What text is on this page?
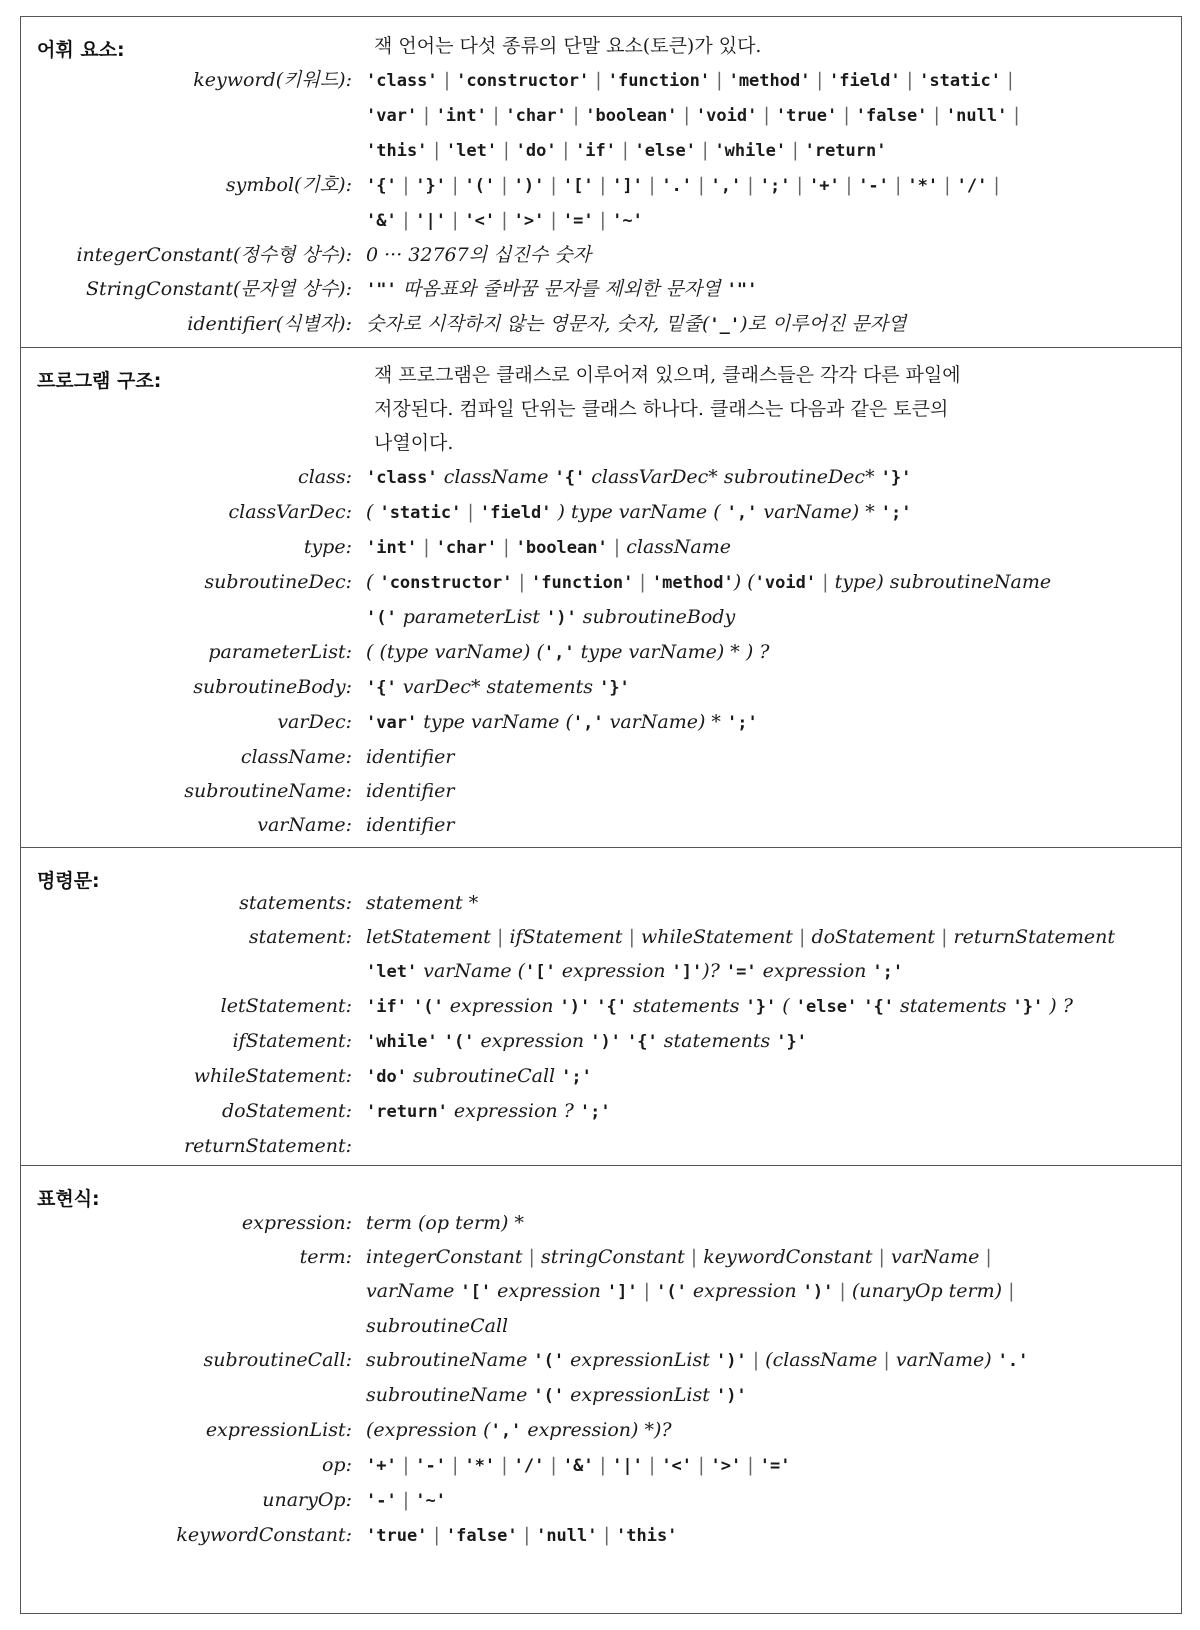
어휘 요소:	잭 언어는 다섯 종류의 단말 요소(토큰)가 있다.
keyword(키워드): 'class' | 'constructor' | 'function' | 'method' | 'field' | 'static' |
'var' | 'int' | 'char' | 'boolean' | 'void' | 'true' | 'false' | 'null' |
'this' | 'let' | 'do' | 'if' | 'else' | 'while' | 'return'
symbol(기호): '{' | '}' | '(' | ')' | '[' | ']' | '.' | ',' | ';' | '+' | '-' | '*' | '/' |
'&' | '|' | '<' | '>' | '=' | '~'
integerConstant(정수형 상수): 0 ··· 32767의 십진수 숫자
StringConstant(문자열 상수): '"' 따옴표와 줄바꿈 문자를 제외한 문자열 '"'
identifier(식별자): 숫자로 시작하지 않는 영문자, 숫자, 밑줄('_')로 이루어진 문자열
프로그램 구조:	잭 프로그램은 클래스로 이루어져 있으며, 클래스들은 각각 다른 파일에
저장된다. 컴파일 단위는 클래스 하나다. 클래스는 다음과 같은 토큰의
나열이다.
class: 'class' className '{' classVarDec* subroutineDec* '}'
classVarDec: ( 'static' | 'field' ) type varName ( ',' varName) * ';'
type: 'int' | 'char' | 'boolean' | className
subroutineDec: ( 'constructor' | 'function' | 'method') ('void' | type) subroutineName
'(' parameterList ')' subroutineBody
parameterList: ( (type varName) (',' type varName) * ) ?
subroutineBody: '{' varDec* statements '}'
varDec: 'var' type varName (',' varName) * ';'
className: identifier
subroutineName: identifier
varName: identifier
명령문:
statements: statement *
statement: letStatement | ifStatement | whileStatement | doStatement | returnStatement
'let' varName ('[' expression ']')? '=' expression ';'
letStatement: 'if' '(' expression ')' '{' statements '}' ( 'else' '{' statements '}' ) ?
ifStatement: 'while' '(' expression ')' '{' statements '}'
whileStatement: 'do' subroutineCall ';'
doStatement: 'return' expression ? ';'
returnStatement:

표현식:
expression: term (op term) *
term: integerConstant | stringConstant | keywordConstant | varName |
varName '[' expression ']' | '(' expression ')' | (unaryOp term) |
subroutineCall
subroutineCall: subroutineName '(' expressionList ')' | (className | varName) '.'
subroutineName '(' expressionList ')'
expressionList: (expression (',' expression) *)?
op: '+' | '-' | '*' | '/' | '&' | '|' | '<' | '>' | '='
unaryOp: '-' | '~'
keywordConstant: 'true' | 'false' | 'null' | 'this'
